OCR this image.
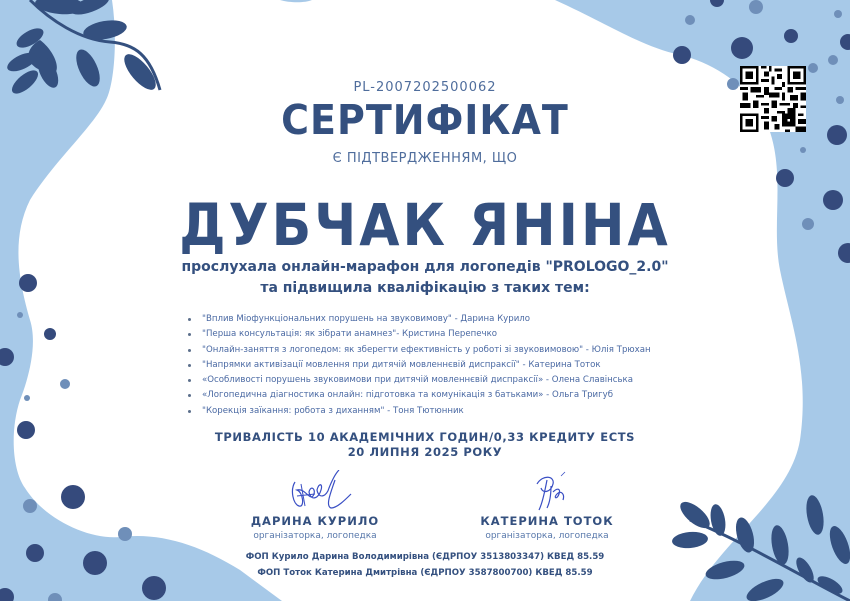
PL-2007202500062
СЕРТИФІКАТ
Є ПІДТВЕРДЖЕННЯМ, ЩО
ДУБЧАК ЯНІНА
прослухала онлайн-марафон для логопедів "PROLOGO_2.0"
та підвищила кваліфікацію з таких тем:
"Вплив Міофункціональних порушень на звуковимову" - Дарина Курило
"Перша консультація: як зібрати анамнез"- Кристина Перепечко
"Онлайн-заняття з логопедом: як зберегти ефективність у роботі зі звуковимовою" - Юлія Трюхан
"Напрямки активізації мовлення при дитячій мовленнєвій диспраксії" - Катерина Тоток
«Особливості порушень звуковимови при дитячій мовленнєвій диспраксії» - Олена Славінська
«Логопедична діагностика онлайн: підготовка та комунікація з батьками» - Ольга Тригуб
"Корекція заїкання: робота з диханням" - Тоня Тютюнник
ТРИВАЛІСТЬ 10 АКАДЕМІЧНИХ ГОДИН/0,33 КРЕДИТУ ECTS
20 ЛИПНЯ 2025 РОКУ
ДАРИНА КУРИЛО
організаторка, логопедка
КАТЕРИНА ТОТОК
організаторка, логопедка
ФОП Курило Дарина Володимирівна (ЄДРПОУ 3513803347) КВЕД 85.59
ФОП Тоток Катерина Дмитрівна (ЄДРПОУ 3587800700) КВЕД 85.59
